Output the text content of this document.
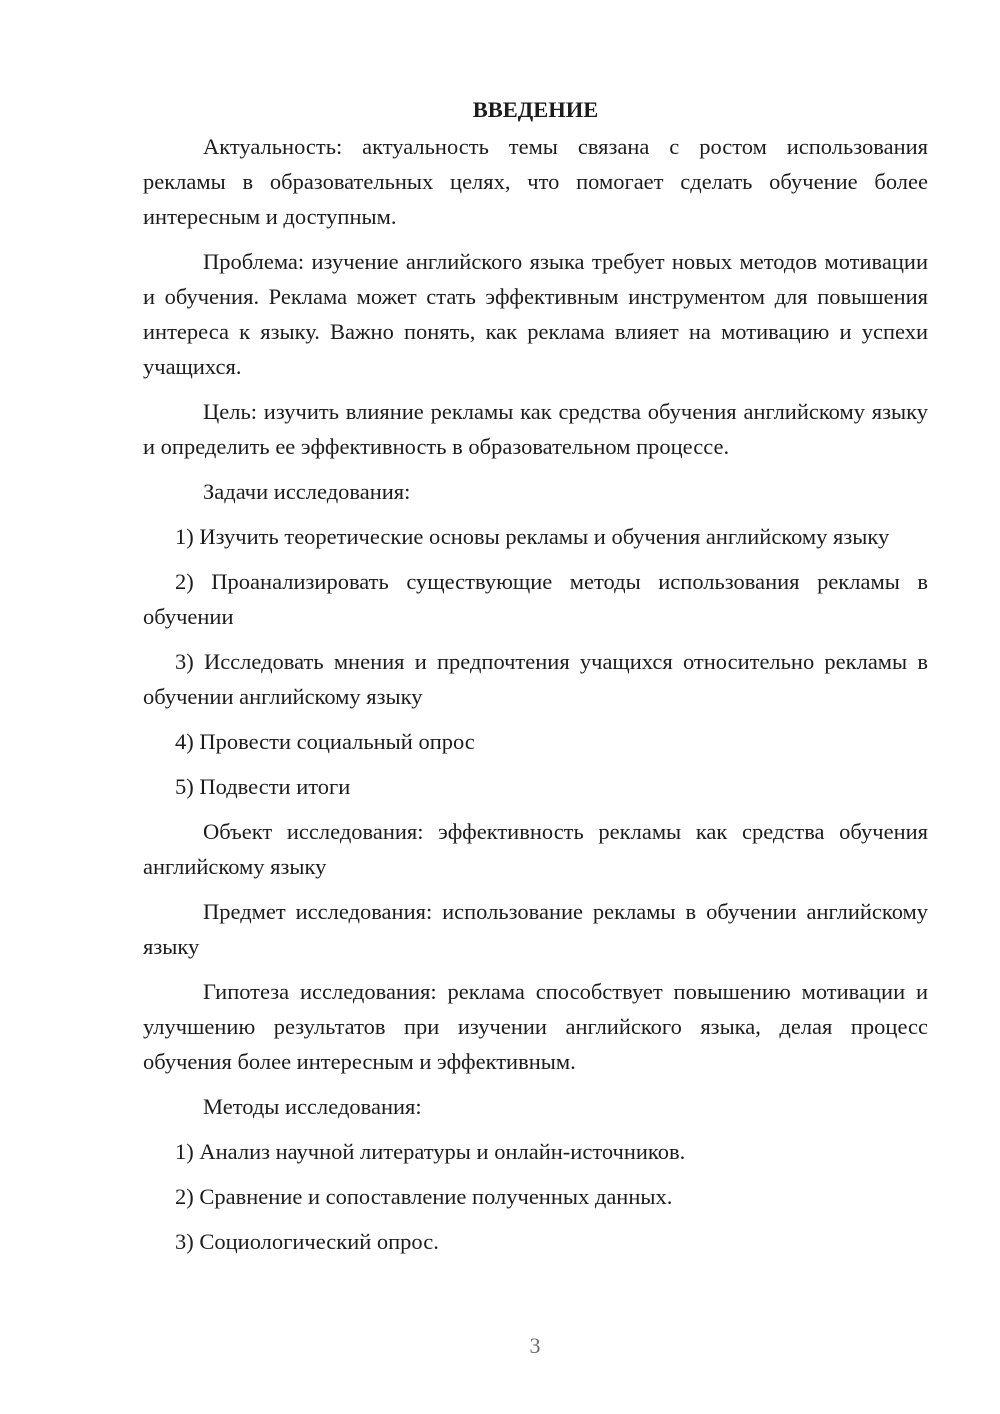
ВВЕДЕНИЕ

Актуальность: актуальность темы связана с ростом использования рекламы в образовательных целях, что помогает сделать обучение более интересным и доступным.

Проблема: изучение английского языка требует новых методов мотивации и обучения. Реклама может стать эффективным инструментом для повышения интереса к языку. Важно понять, как реклама влияет на мотивацию и успехи учащихся.

Цель: изучить влияние рекламы как средства обучения английскому языку и определить ее эффективность в образовательном процессе.

Задачи исследования:

1) Изучить теоретические основы рекламы и обучения английскому языку

2) Проанализировать существующие методы использования рекламы в обучении

3) Исследовать мнения и предпочтения учащихся относительно рекламы в обучении английскому языку

4) Провести социальный опрос

5) Подвести итоги

Объект исследования: эффективность рекламы как средства обучения английскому языку

Предмет исследования: использование рекламы в обучении английскому языку

Гипотеза исследования: реклама способствует повышению мотивации и улучшению результатов при изучении английского языка, делая процесс обучения более интересным и эффективным.

Методы исследования:

1) Анализ научной литературы и онлайн-источников.

2) Сравнение и сопоставление полученных данных.

3) Социологический опрос.

3
